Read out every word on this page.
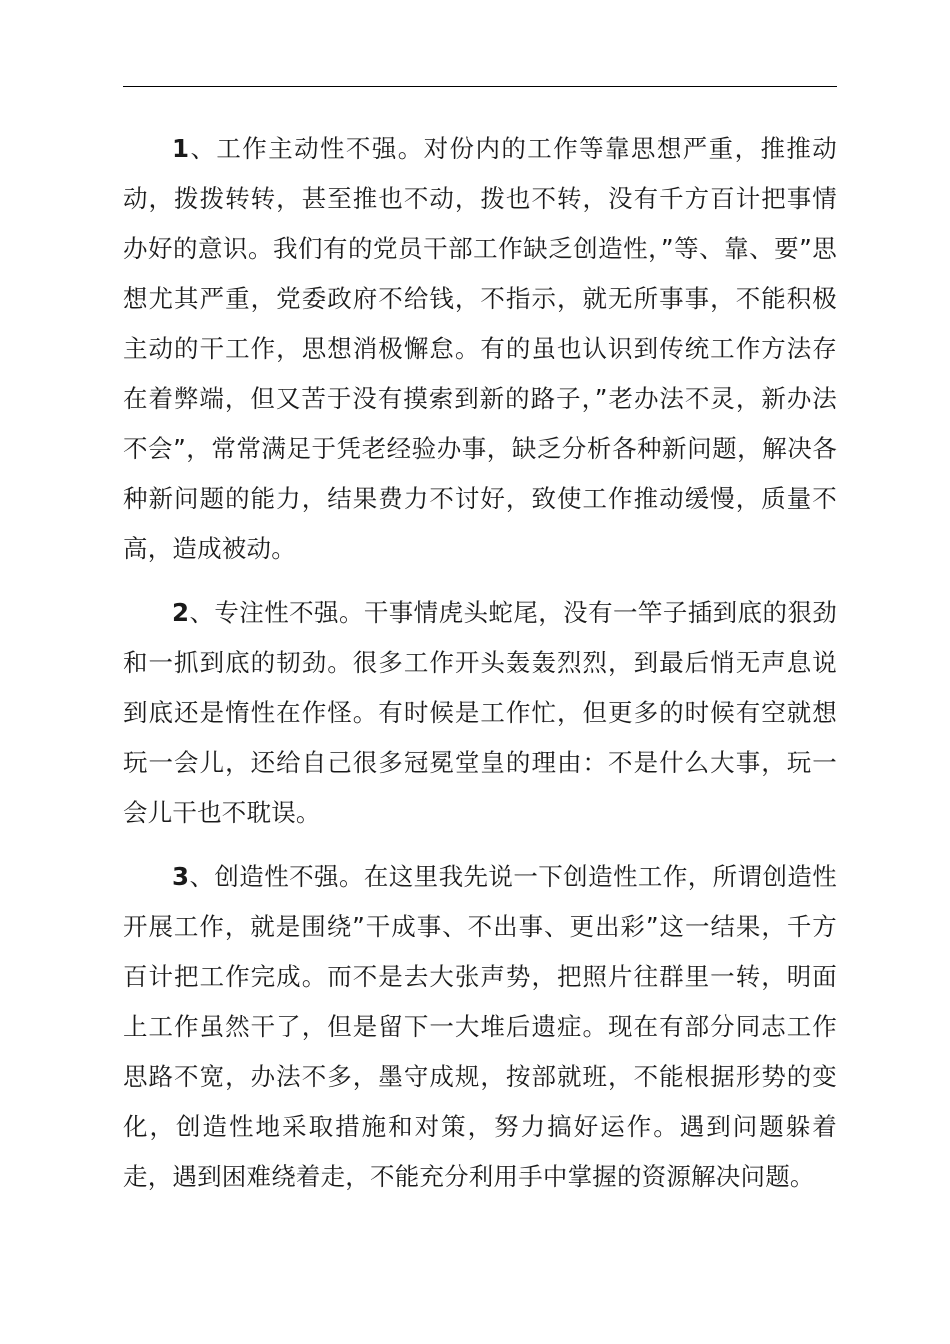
1、工作主动性不强。对份内的工作等靠思想严重，推推动动，拨拨转转，甚至推也不动，拨也不转，没有千方百计把事情办好的意识。我们有的党员干部工作缺乏创造性，”等、靠、要”思想尤其严重，党委政府不给钱，不指示，就无所事事，不能积极主动的干工作，思想消极懈怠。有的虽也认识到传统工作方法存在着弊端，但又苦于没有摸索到新的路子，”老办法不灵，新办法不会”，常常满足于凭老经验办事，缺乏分析各种新问题，解决各种新问题的能力，结果费力不讨好，致使工作推动缓慢，质量不高，造成被动。

2、专注性不强。干事情虎头蛇尾，没有一竿子插到底的狠劲和一抓到底的韧劲。很多工作开头轰轰烈烈，到最后悄无声息说到底还是惰性在作怪。有时候是工作忙，但更多的时候有空就想玩一会儿，还给自己很多冠冕堂皇的理由：不是什么大事，玩一会儿干也不耽误。

3、创造性不强。在这里我先说一下创造性工作，所谓创造性开展工作，就是围绕”干成事、不出事、更出彩”这一结果，千方百计把工作完成。而不是去大张声势，把照片往群里一转，明面上工作虽然干了，但是留下一大堆后遗症。现在有部分同志工作思路不宽，办法不多，墨守成规，按部就班，不能根据形势的变化，创造性地采取措施和对策，努力搞好运作。遇到问题躲着走，遇到困难绕着走，不能充分利用手中掌握的资源解决问题。
